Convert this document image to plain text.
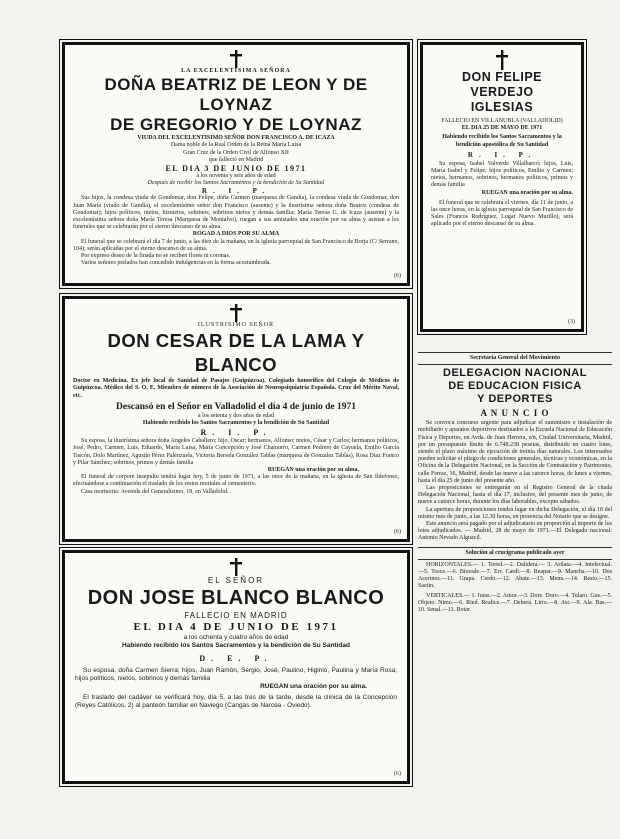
LA EXCELENTISIMA SEÑORA
DOÑA BEATRIZ DE LEON Y DE LOYNAZ
DE GREGORIO Y DE LOYNAZ
VIUDA DEL EXCELENTISIMO SEÑOR DON FRANCISCO A. DE ICAZA
Dama noble de la Real Orden de la Reina María Luisa
Gran Cruz de la Orden Civil de Alfonso XII
que falleció en Madrid
EL DIA 3 DE JUNIO DE 1971
a los noventa y seis años de edad
Después de recibir los Santos Sacramentos y la bendición de Su Santidad
R. I. P.

Sus hijos, la condesa viuda de Gondomar, don Felipe, doña Carmen (marquesa de Gandía), la condesa viuda de Gondomar, don Juan María (viudo de Gandía), el excelentísimo señor don Francisco (ausente) y la ilustrísima señora doña Beatriz (condesa de Gondomar); hijos políticos, nietos, biznietos, sobrinos, sobrinos nietos y demás familia; María Teresa G. de Icaza (ausente) y la excelentísima señora doña María Teresa (Marquesa de Montalvo), ruegan a sus amistades una oración por su alma y asistan a los funerales que se celebrarán por el eterno descanso de su alma.

ROGAD A DIOS POR SU ALMA

El funeral que se celebrará el día 7 de junio, a las diez de la mañana, en la iglesia parroquial de San Francisco de Borja (C/ Serrano, 104); serán aplicadas por el eterno descanso de su alma.

Por expreso deseo de la finada no se reciben flores ni coronas.

Varios señores prelados han concedido indulgencias en la forma acostumbrada.

(6)
DON FELIPE VERDEJO
IGLESIAS
FALLECIO EN VILLANUBLA (VALLADOLID)
EL DIA 25 DE MAYO DE 1971
Habiendo recibido los Santos Sacramentos y la bendición apostólica de Su Santidad
R. I. P.

Su esposa, Isabel Valverde Villalbarcó; hijos, Luis, María Isabel y Felipe; hijos políticos, Emilio y Carmen; nietos, hermanos, sobrinos, hermanos políticos, primos y demás familia

RUEGAN una oración por su alma.

El funeral que se celebrará el viernes, día 11 de junio, a las once horas, en la iglesia parroquial de San Francisco de Sales (Francos Rodríguez, Lugar Nuevo Murillo), será aplicado por el eterno descanso de su alma.

(3)
ILUSTRISIMO SEÑOR
DON CESAR DE LA LAMA Y BLANCO

Doctor en Medicina. Ex jefe local de Sanidad de Pasajes (Guipúzcoa). Colegiado honorífico del Colegio de Médicos de Guipúzcoa. Médico del S. O. E. Miembro de número de la Asociación de Neuropsiquiatría Española. Cruz del Mérito Naval, etc.

Descansó en el Señor en Valladolid el día 4 de junio de 1971
a los setenta y dos años de edad
Habiendo recibido los Santos Sacramentos y la bendición de Su Santidad
R. I. P.

Su esposa, la ilustrísima señora doña Angeles Caballero; hijo, Oscar; hermanos, Alfonso; nietos, César y Carlos; hermanos políticos, José, Pedro, Carmen, Luis, Eduardo, María Luisa, María Concepción y José Chamorro, Carmen Pedrero de Cayuela, Emilio García Tascón, Dolo Martínez, Agustín Pérez Palenzuela, Victoria Bersela González Tablas (marquesa de Gonzalez Tablas), Rosa Díaz Franco y Pilar Sánchez; sobrinos, primos y demás familia

RUEGAN una oración por su alma.

El funeral de corpore insepulto tendrá lugar hoy, 5 de junio de 1971, a las once de la mañana, en la iglesia de San Ildefonso, efectuándose a continuación el traslado de los restos mortales al cementerio.

Casa mortuoria: Avenida del Generalísimo, 18, en Valladolid.

(6)
EL SEÑOR
DON JOSE BLANCO BLANCO
FALLECIO EN MADRID
EL DIA 4 DE JUNIO DE 1971
a los ochenta y cuatro años de edad
Habiendo recibido los Santos Sacramentos y la bendición de Su Santidad
D. E. P.

Su esposa, doña Carmen Sierra; hijos, Juan Ramón, Sergio, José, Paulino, Higinio, Paulina y María Rosa; hijos políticos, nietos, sobrinos y demás familia

RUEGAN una oración por su alma.

El traslado del cadáver se verificará hoy, día 5, a las tres de la tarde, desde la clínica de la Concepción (Reyes Católicos, 2) al panteón familiar en Naviego (Cangas de Narcea - Oviedo).

(6)
Secretaría General del Movimiento
DELEGACION NACIONAL
DE EDUCACION FISICA
Y DEPORTES
A N U N C I O

Se convoca concurso urgente para adjudicar el suministro e instalación de mobiliario y aparatos deportivos destinados a la Escuela Nacional de Educación Física y Deportes, en Avda. de Juan Herrera, s/n, Ciudad Universitaria, Madrid, por un presupuesto límite de 6.748.238 pesetas, distribuido en cuatro lotes, siendo el plazo máximo de ejecución de treinta días naturales. Los interesados pueden solicitar el pliego de condiciones generales, técnicas y económicas, en la Oficina de la Delegación Nacional, en la Sección de Contratación y Patrimonio, calle Ferraz, 16, Madrid, desde las nueve a las catorce horas, de lunes a viernes, hasta el día 25 de junio del presente año.

Las proposiciones se entregarán en el Registro General de la citada Delegación Nacional, hasta el día 17, inclusive, del presente mes de junio, de nueve a catorce horas, durante los días laborables, excepto sábados.

La apertura de proposiciones tendrá lugar en dicha Delegación, el día 18 del mismo mes de junio, a las 12.30 horas, en presencia del Notario que se designe.

Este anuncio será pagado por el adjudicatario en proporción al importe de los lotes adjudicados. — Madrid, 28 de mayo de 1971.—El Delegado nacional: Antonio Nevado Alguacil.

Solución al crucigrama publicado ayer

HORIZONTALES.— 1. Tortel.—2. Dalidera.— 3. Arilata.—4. Intelectual.—5. Tosce.—6. Bioesde.—7. Err. Cardi.—8. Reapar.—9. Mancha.—10. Dos Acerinos.—11. Grapa. Cerdo.—12. Abate.—13. Menu.—14. Resto.—15. Saetin.

VERTICALES.— 1. Iutas.—2. Amor.—3. Dore. Doro.—4. Tularo. Gus.—5. Objeto. Nimo.—6. Ried. Realice.—7. Deberá. Lirio.—8. Ast.—9. Ala. Bas.—10. Senal.—11. Rotar.
